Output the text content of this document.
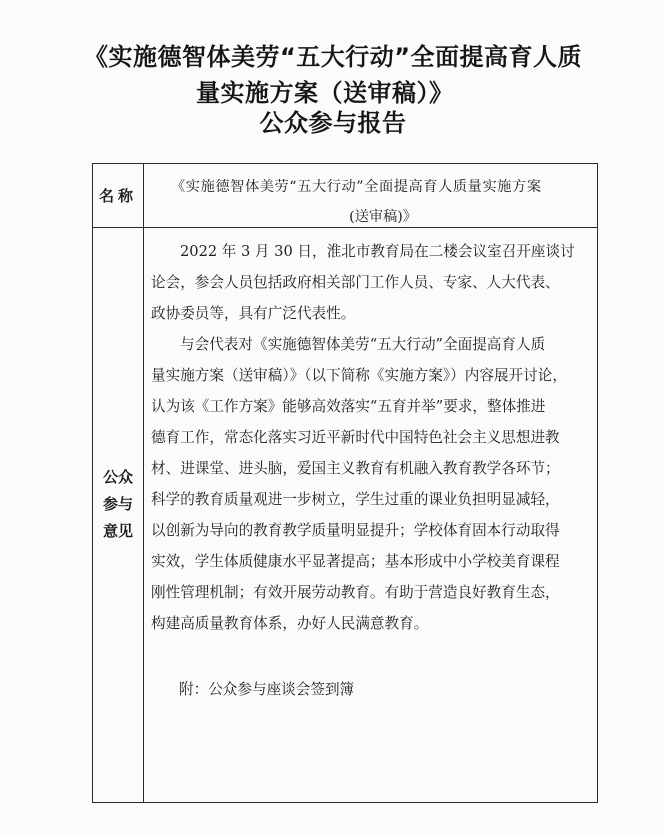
《实施德智体美劳“五大行动”全面提高育人质
量实施方案（送审稿）》
公众参与报告
名称	《实施德智体美劳“五大行动”全面提高育人质量实施方案
(送审稿)》
公众
参与
意见

2022 年 3 月 30 日，淮北市教育局在二楼会议室召开座谈讨
论会，参会人员包括政府相关部门工作人员、专家、人大代表、
政协委员等，具有广泛代表性。

与会代表对《实施德智体美劳“五大行动”全面提高育人质
量实施方案（送审稿）》（以下简称《实施方案》）内容展开讨论，
认为该《工作方案》能够高效落实“五育并举”要求，整体推进
德育工作，常态化落实习近平新时代中国特色社会主义思想进教
材、进课堂、进头脑，爱国主义教育有机融入教育教学各环节；
科学的教育质量观进一步树立，学生过重的课业负担明显减轻，
以创新为导向的教育教学质量明显提升；学校体育固本行动取得
实效，学生体质健康水平显著提高；基本形成中小学校美育课程
刚性管理机制；有效开展劳动教育。有助于营造良好教育生态，
构建高质量教育体系，办好人民满意教育。

附：公众参与座谈会签到簿
